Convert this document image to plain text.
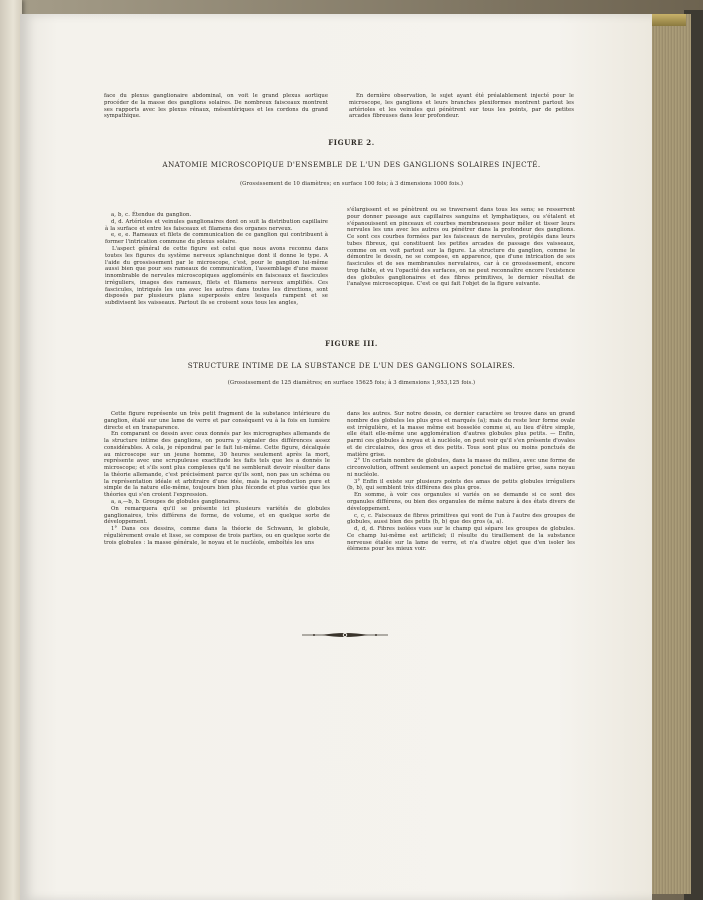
face du plexus ganglionaire abdominal, on voit le grand plexus aortique procéder de la masse des ganglions solaires. De nombreux faisceaux montrent ses rapports avec les plexus rénaux, mésentériques et les cordons du grand sympathique.

En dernière observation, le sujet ayant été préalablement injecté pour le microscope, les ganglions et leurs branches plexiformes montrent partout les artérioles et les veinules qui pénètrent sur tous les points, par de petites arcades fibreuses dans leur profondeur.

FIGURE 2.
ANATOMIE MICROSCOPIQUE D'ENSEMBLE DE L'UN DES GANGLIONS SOLAIRES INJECTÉ.
(Grossissement de 10 diamètres; en surface 100 fois; à 3 dimensions 1000 fois.)

a, b, c. Étendue du ganglion.

d, d. Artérioles et veinules ganglionaires dont on suit la distribution capillaire à la surface et entre les faisceaux et filamens des organes nerveux.

e, e, e. Rameaux et filets de communication de ce ganglion qui contribuent à former l'intrication commune du plexus solaire.

L'aspect général de cette figure est celui que nous avons reconnu dans toutes les figures du système nerveux splanchnique dont il donne le type. A l'aide du grossissement par le microscope, c'est, pour le ganglion lui-même aussi bien que pour ses rameaux de communication, l'assemblage d'une masse innombrable de nervules microscopiques agglomérés en faisceaux et fascicules irréguliers, images des rameaux, filets et filamens nerveux amplifiés. Ces fascicules, intriqués les uns avec les autres dans toutes les directions, sont disposés par plusieurs plans superposés entre lesquels rampent et se subdivisent les vaisseaux. Partout ils se croisent sous tous les angles,

s'élargissent et se pénètrent ou se traversent dans tous les sens; se resserrent pour donner passage aux capillaires sanguins et lymphatiques, ou s'étalent et s'épanouissent en pinceaux et courbes membraneuses pour mêler et tisser leurs nervules les uns avec les autres ou pénétrer dans la profondeur des ganglions. Ce sont ces courbes formées par les faisceaux de nervules, protégés dans leurs tubes fibreux, qui constituent les petites arcades de passage des vaisseaux, comme on en voit partout sur la figure. La structure du ganglion, comme le démontre le dessin, ne se compose, en apparence, que d'une intrication de ses fascicules et de ses membranules nervulaires, car à ce grossissement, encore trop faible, et vu l'opacité des surfaces, on ne peut reconnaître encore l'existence des globules ganglionaires et des fibres primitives, le dernier résultat de l'analyse microscopique. C'est ce qui fait l'objet de la figure suivante.

FIGURE III.
STRUCTURE INTIME DE LA SUBSTANCE DE L'UN DES GANGLIONS SOLAIRES.
(Grossissement de 125 diamètres; en surface 15625 fois; à 3 dimensions 1,953,125 fois.)

Cette figure représente un très petit fragment de la substance intérieure du ganglion, étalé sur une lame de verre et par conséquent vu à la fois en lumière directe et en transparence.

En comparant ce dessin avec ceux donnés par les micrographes allemands de la structure intime des ganglions, on pourra y signaler des différences assez considérables. A cela, je répondrai par le fait lui-même. Cette figure, décalquée au microscope sur un jeune homme, 30 heures seulement après la mort, représente avec une scrupuleuse exactitude les faits tels que les a donnés le microscope; et s'ils sont plus complexes qu'il ne semblerait devoir résulter dans la théorie allemande, c'est précisément parce qu'ils sont, non pas un schéma ou la représentation idéale et arbitraire d'une idée, mais la reproduction pure et simple de la nature elle-même, toujours bien plus féconde et plus variée que les théories qui s'en croient l'expression.

a, a,—b, b. Groupes de globules ganglionaires.

On remarquera qu'il se présente ici plusieurs variétés de globules ganglionaires, très différens de forme, de volume, et en quelque sorte de développement.

1° Dans ces dessins, comme dans la théorie de Schwann, le globule, régulièrement ovale et lisse, se compose de trois parties, ou en quelque sorte de trois globules : la masse générale, le noyau et le nucléole, emboîtés les uns

dans les autres. Sur notre dessin, ce dernier caractère se trouve dans un grand nombre des globules les plus gros et marqués (a); mais du reste leur forme ovale est irrégulière, et la masse même est bosselée comme si, au lieu d'être simple, elle était elle-même une agglomération d'autres globules plus petits. — Enfin, parmi ces globules à noyau et à nucléole, on peut voir qu'il s'en présente d'ovales et de circulaires, des gros et des petits. Tous sont plus ou moins ponctués de matière grise.

2° Un certain nombre de globules, dans la masse du milieu, avec une forme de circonvolution, offrent seulement un aspect ponctué de matière grise, sans noyau ni nucléole.

3° Enfin il existe sur plusieurs points des amas de petits globules irréguliers (b, b), qui semblent très différens des plus gros.

En somme, à voir ces organules si variés on se demande si ce sont des organules différens, ou bien des organules de même nature à des états divers de développement.

c, c, c. Faisceaux de fibres primitives qui vont de l'un à l'autre des groupes de globules, aussi bien des petits (b, b) que des gros (a, a).

d, d, d. Fibres isolées vues sur le champ qui sépare les groupes de globules. Ce champ lui-même est artificiel; il résulte du tiraillement de la substance nerveuse étalée sur la lame de verre, et n'a d'autre objet que d'en isoler les élémens pour les mieux voir.
